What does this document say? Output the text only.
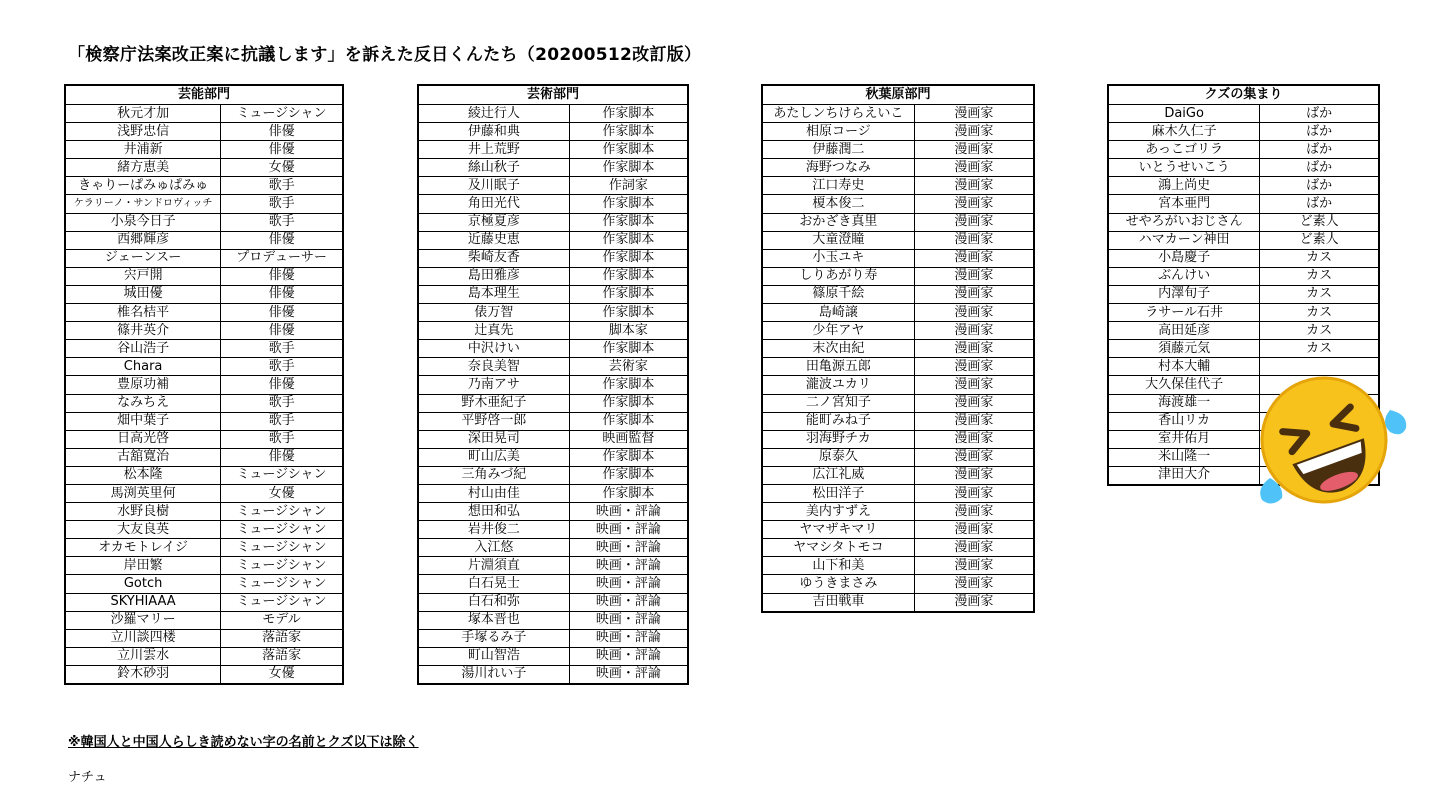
「検察庁法案改正案に抗議します」を訴えた反日くんたち（20200512改訂版）
芸能部門	
秋元才加	ミュージシャン
浅野忠信	俳優
井浦新	俳優
緒方恵美	女優
きゃりーぱみゅぱみゅ	歌手
ケラリーノ・サンドロヴィッチ	歌手
小泉今日子	歌手
西郷輝彦	俳優
ジェーンスー	プロデューサー
宍戸開	俳優
城田優	俳優
椎名桔平	俳優
篠井英介	俳優
谷山浩子	歌手
Chara	歌手
豊原功補	俳優
なみちえ	歌手
畑中葉子	歌手
日高光啓	歌手
古舘寛治	俳優
松本隆	ミュージシャン
馬渕英里何	女優
水野良樹	ミュージシャン
大友良英	ミュージシャン
オカモトレイジ	ミュージシャン
岸田繁	ミュージシャン
Gotch	ミュージシャン
SKYHIAAA	ミュージシャン
沙羅マリー	モデル
立川談四楼	落語家
立川雲水	落語家
鈴木砂羽	女優
芸術部門	
綾辻行人	作家脚本
伊藤和典	作家脚本
井上荒野	作家脚本
絲山秋子	作家脚本
及川眠子	作詞家
角田光代	作家脚本
京極夏彦	作家脚本
近藤史恵	作家脚本
柴崎友香	作家脚本
島田雅彦	作家脚本
島本理生	作家脚本
俵万智	作家脚本
辻真先	脚本家
中沢けい	作家脚本
奈良美智	芸術家
乃南アサ	作家脚本
野木亜紀子	作家脚本
平野啓一郎	作家脚本
深田晃司	映画監督
町山広美	作家脚本
三角みづ紀	作家脚本
村山由佳	作家脚本
想田和弘	映画・評論
岩井俊二	映画・評論
入江悠	映画・評論
片淵須直	映画・評論
白石晃士	映画・評論
白石和弥	映画・評論
塚本晋也	映画・評論
手塚るみ子	映画・評論
町山智浩	映画・評論
湯川れい子	映画・評論
秋葉原部門	
あたしンちけらえいこ	漫画家
相原コージ	漫画家
伊藤潤二	漫画家
海野つなみ	漫画家
江口寿史	漫画家
榎本俊二	漫画家
おかざき真里	漫画家
大童澄瞳	漫画家
小玉ユキ	漫画家
しりあがり寿	漫画家
篠原千絵	漫画家
島崎譲	漫画家
少年アヤ	漫画家
末次由紀	漫画家
田亀源五郎	漫画家
瀧波ユカリ	漫画家
二ノ宮知子	漫画家
能町みね子	漫画家
羽海野チカ	漫画家
原泰久	漫画家
広江礼威	漫画家
松田洋子	漫画家
美内すずえ	漫画家
ヤマザキマリ	漫画家
ヤマシタトモコ	漫画家
山下和美	漫画家
ゆうきまさみ	漫画家
吉田戦車	漫画家
クズの集まり	
DaiGo	ばか
麻木久仁子	ばか
あっこゴリラ	ばか
いとうせいこう	ばか
鴻上尚史	ばか
宮本亜門	ばか
せやろがいおじさん	ど素人
ハマカーン神田	ど素人
小島慶子	カス
ぶんけい	カス
内澤旬子	カス
ラサール石井	カス
高田延彦	カス
須藤元気	カス
村本大輔	
大久保佳代子	
海渡雄一	
香山リカ	
室井佑月	
米山隆一	
津田大介	
※韓国人と中国人らしき読めない字の名前とクズ以下は除く
ナチュ
